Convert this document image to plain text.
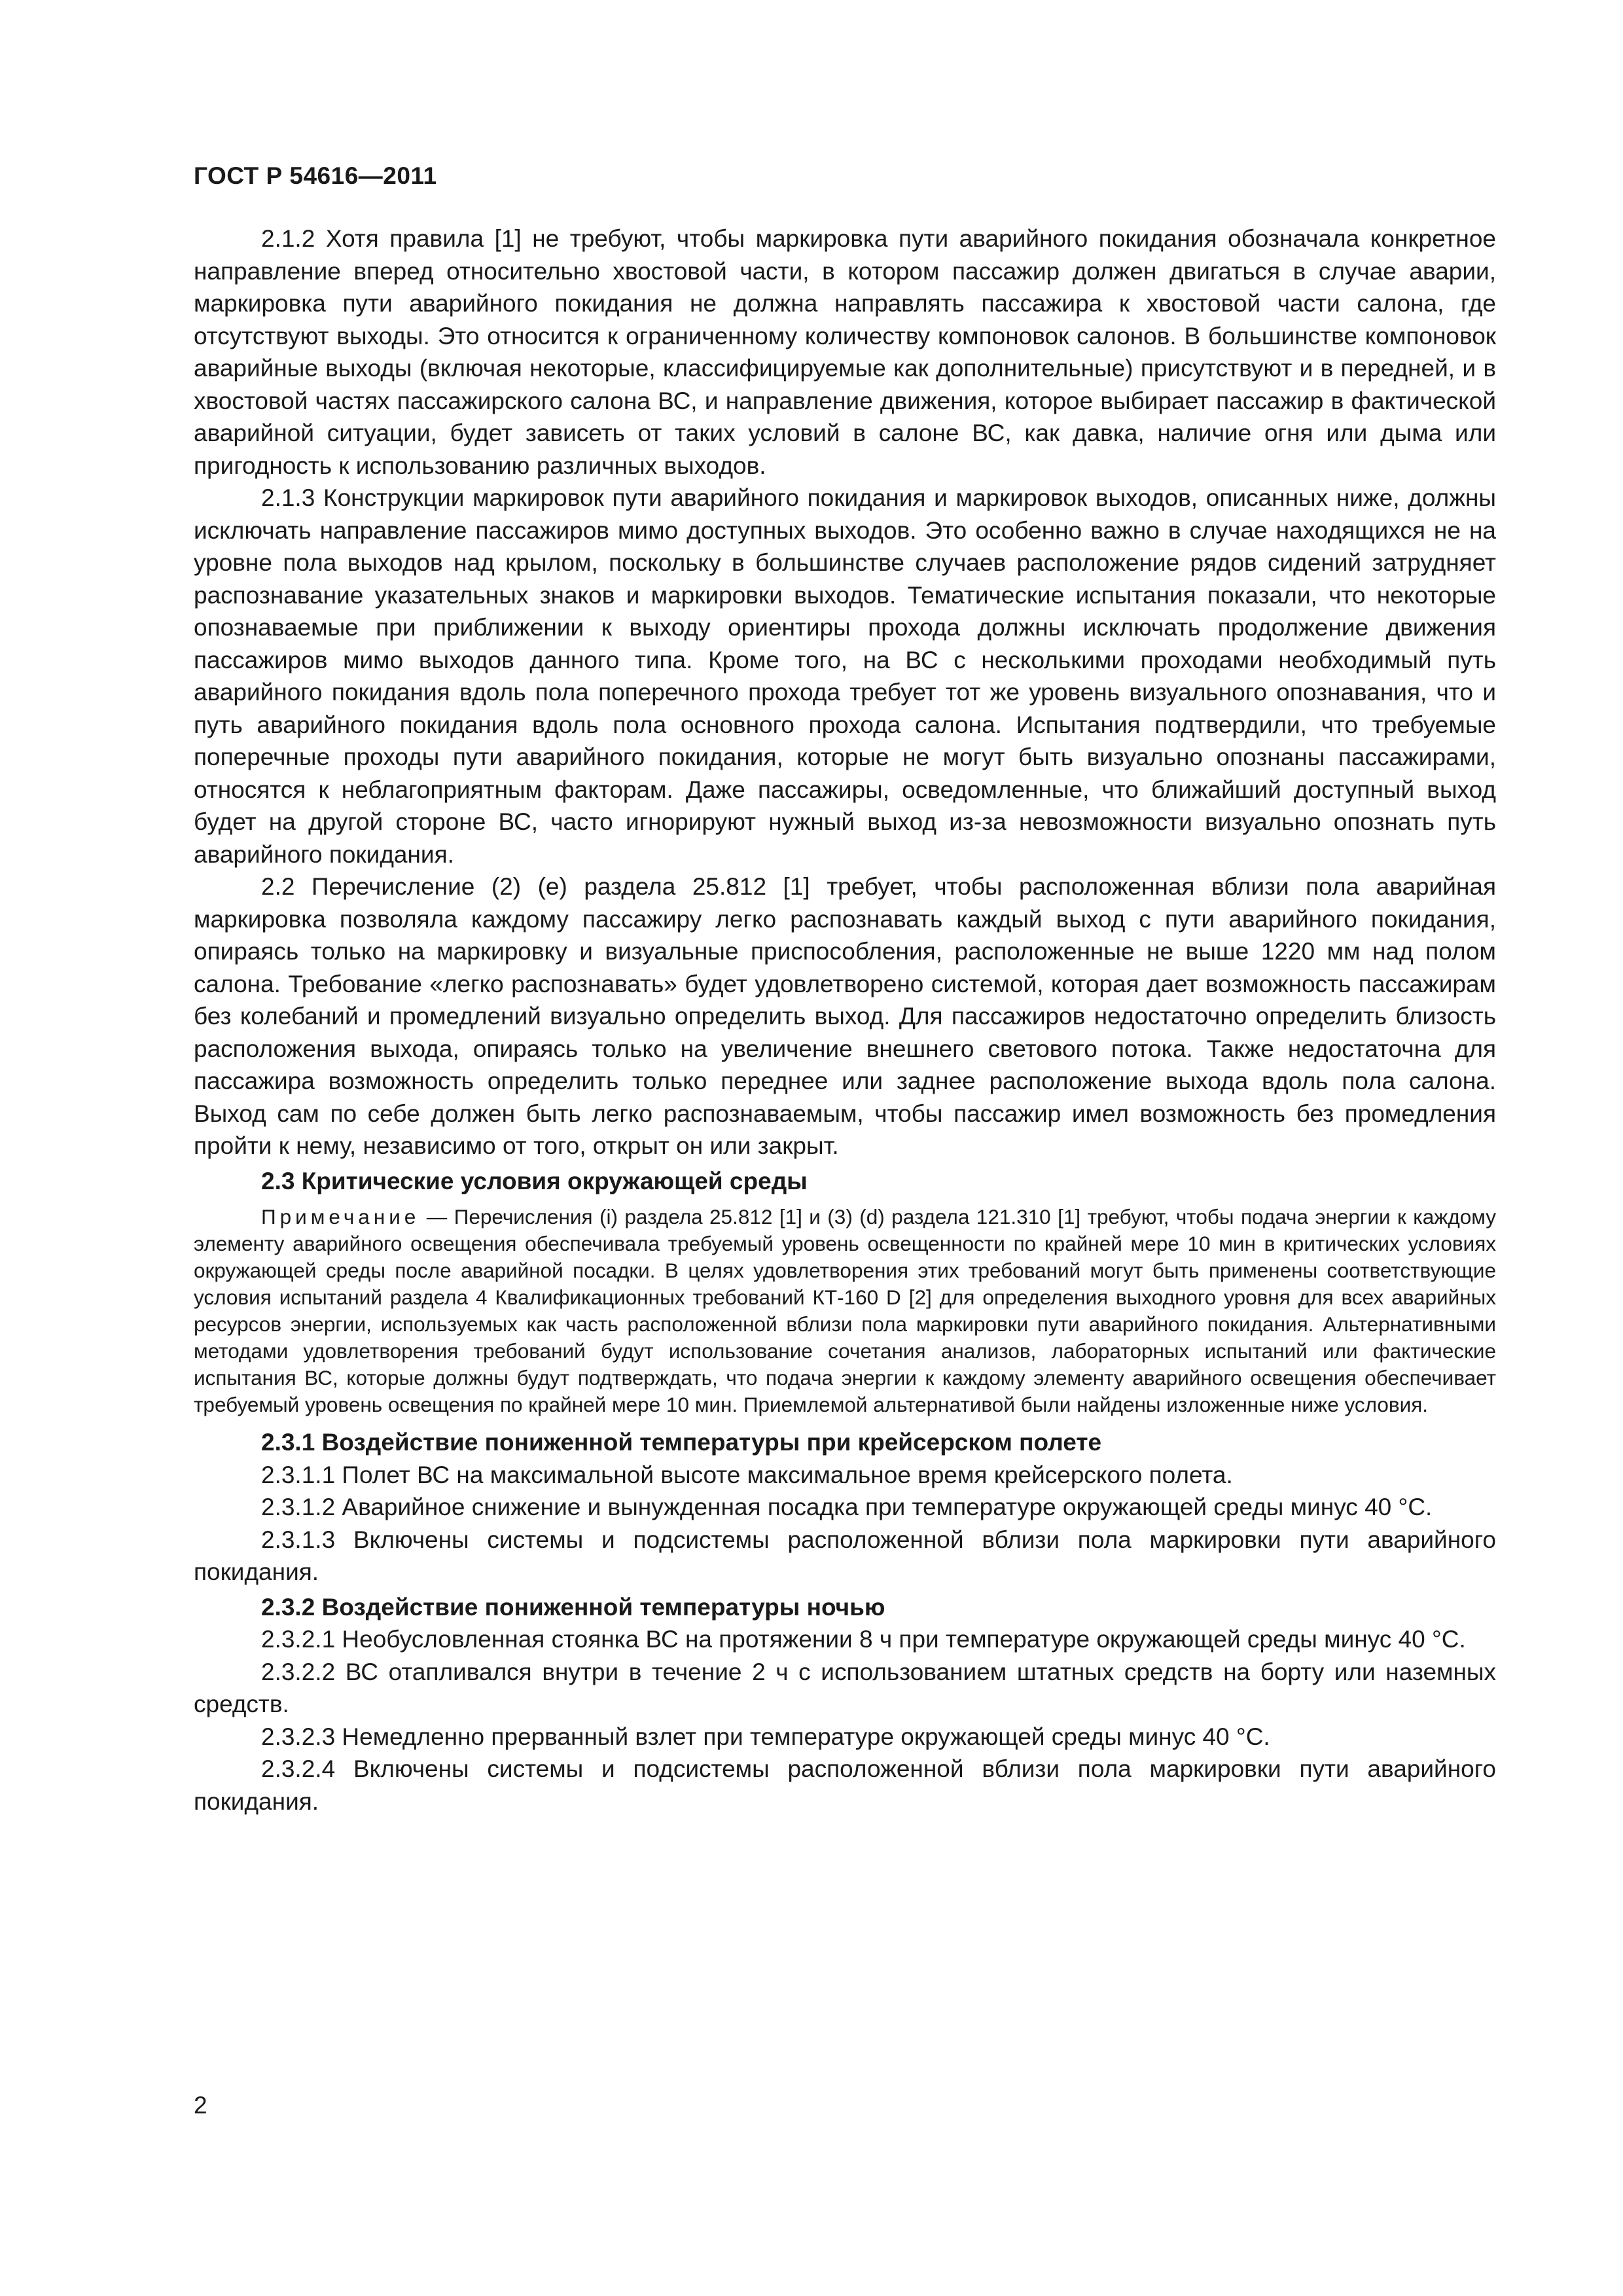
ГОСТ Р 54616—2011

2.1.2 Хотя правила [1] не требуют, чтобы маркировка пути аварийного покидания обозначала конкретное направление вперед относительно хвостовой части, в котором пассажир должен двигаться в случае аварии, маркировка пути аварийного покидания не должна направлять пассажира к хвостовой части салона, где отсутствуют выходы. Это относится к ограниченному количеству компоновок салонов. В большинстве компоновок аварийные выходы (включая некоторые, классифицируемые как дополнительные) присутствуют и в передней, и в хвостовой частях пассажирского салона ВС, и направление движения, которое выбирает пассажир в фактической аварийной ситуации, будет зависеть от таких условий в салоне ВС, как давка, наличие огня или дыма или пригодность к использованию различных выходов.

2.1.3 Конструкции маркировок пути аварийного покидания и маркировок выходов, описанных ниже, должны исключать направление пассажиров мимо доступных выходов. Это особенно важно в случае находящихся не на уровне пола выходов над крылом, поскольку в большинстве случаев расположение рядов сидений затрудняет распознавание указательных знаков и маркировки выходов. Тематические испытания показали, что некоторые опознаваемые при приближении к выходу ориентиры прохода должны исключать продолжение движения пассажиров мимо выходов данного типа. Кроме того, на ВС с несколькими проходами необходимый путь аварийного покидания вдоль пола поперечного прохода требует тот же уровень визуального опознавания, что и путь аварийного покидания вдоль пола основного прохода салона. Испытания подтвердили, что требуемые поперечные проходы пути аварийного покидания, которые не могут быть визуально опознаны пассажирами, относятся к неблагоприятным факторам. Даже пассажиры, осведомленные, что ближайший доступный выход будет на другой стороне ВС, часто игнорируют нужный выход из-за невозможности визуально опознать путь аварийного покидания.

2.2 Перечисление (2) (e) раздела 25.812 [1] требует, чтобы расположенная вблизи пола аварийная маркировка позволяла каждому пассажиру легко распознавать каждый выход с пути аварийного покидания, опираясь только на маркировку и визуальные приспособления, расположенные не выше 1220 мм над полом салона. Требование «легко распознавать» будет удовлетворено системой, которая дает возможность пассажирам без колебаний и промедлений визуально определить выход. Для пассажиров недостаточно определить близость расположения выхода, опираясь только на увеличение внешнего светового потока. Также недостаточна для пассажира возможность определить только переднее или заднее расположение выхода вдоль пола салона. Выход сам по себе должен быть легко распознаваемым, чтобы пассажир имел возможность без промедления пройти к нему, независимо от того, открыт он или закрыт.

2.3 Критические условия окружающей среды

Примечание — Перечисления (i) раздела 25.812 [1] и (3) (d) раздела 121.310 [1] требуют, чтобы подача энергии к каждому элементу аварийного освещения обеспечивала требуемый уровень освещенности по крайней мере 10 мин в критических условиях окружающей среды после аварийной посадки. В целях удовлетворения этих требований могут быть применены соответствующие условия испытаний раздела 4 Квалификационных требований КТ-160 D [2] для определения выходного уровня для всех аварийных ресурсов энергии, используемых как часть расположенной вблизи пола маркировки пути аварийного покидания. Альтернативными методами удовлетворения требований будут использование сочетания анализов, лабораторных испытаний или фактические испытания ВС, которые должны будут подтверждать, что подача энергии к каждому элементу аварийного освещения обеспечивает требуемый уровень освещения по крайней мере 10 мин. Приемлемой альтернативой были найдены изложенные ниже условия.

2.3.1 Воздействие пониженной температуры при крейсерском полете

2.3.1.1 Полет ВС на максимальной высоте максимальное время крейсерского полета.

2.3.1.2 Аварийное снижение и вынужденная посадка при температуре окружающей среды минус 40 °С.

2.3.1.3 Включены системы и подсистемы расположенной вблизи пола маркировки пути аварийного покидания.

2.3.2 Воздействие пониженной температуры ночью

2.3.2.1 Необусловленная стоянка ВС на протяжении 8 ч при температуре окружающей среды минус 40 °С.

2.3.2.2 ВС отапливался внутри в течение 2 ч с использованием штатных средств на борту или наземных средств.

2.3.2.3 Немедленно прерванный взлет при температуре окружающей среды минус 40 °С.

2.3.2.4 Включены системы и подсистемы расположенной вблизи пола маркировки пути аварийного покидания.

2
